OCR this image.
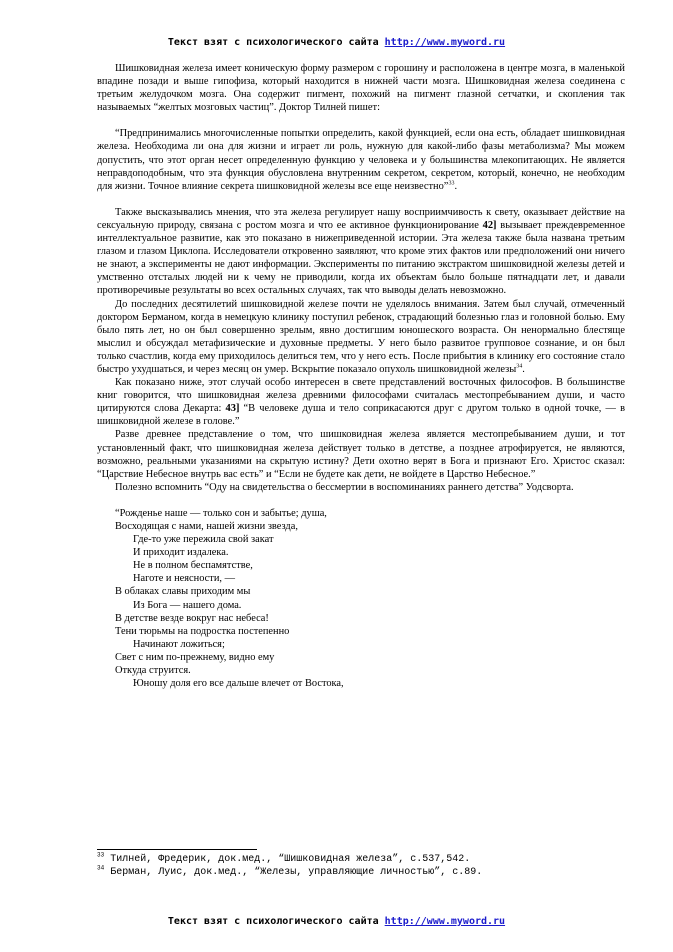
Текст взят с психологического сайта http://www.myword.ru

Шишковидная железа имеет коническую форму размером с горошину и расположена в центре мозга, в маленькой впадине позади и выше гипофиза, который находится в нижней части мозга. Шишковидная железа соединена с третьим желудочком мозга. Она содержит пигмент, похожий на пигмент глазной сетчатки, и скопления так называемых “желтых мозговых частиц”. Доктор Тилней пишет:

“Предпринимались многочисленные попытки определить, какой функцией, если она есть, обладает шишковидная железа. Необходима ли она для жизни и играет ли роль, нужную для какой-либо фазы метаболизма? Мы можем допустить, что этот орган несет определенную функцию у человека и у большинства млекопитающих. Не является неправдоподобным, что эта функция обусловлена внутренним секретом, секретом, который, конечно, не необходим для жизни. Точное влияние секрета шишковидной железы все еще неизвестно”$^{33}$.

Также высказывались мнения, что эта железа регулирует нашу восприимчивость к свету, оказывает действие на сексуальную природу, связана с ростом мозга и что ее активное функционирование 42] вызывает преждевременное интеллектуальное развитие, как это показано в нижеприведенной истории. Эта железа также была названа третьим глазом и глазом Циклопа. Исследователи откровенно заявляют, что кроме этих фактов или предположений они ничего не знают, а эксперименты не дают информации. Эксперименты по питанию экстрактом шишковидной железы детей и умственно отсталых людей ни к чему не приводили, когда их объектам было больше пятнадцати лет, и давали противоречивые результаты во всех остальных случаях, так что выводы делать невозможно.

До последних десятилетий шишковидной железе почти не уделялось внимания. Затем был случай, отмеченный доктором Берманом, когда в немецкую клинику поступил ребенок, страдающий болезнью глаз и головной болью. Ему было пять лет, но он был совершенно зрелым, явно достигшим юношеского возраста. Он ненормально блестяще мыслил и обсуждал метафизические и духовные предметы. У него было развитое групповое сознание, и он был только счастлив, когда ему приходилось делиться тем, что у него есть. После прибытия в клинику его состояние стало быстро ухудшаться, и через месяц он умер. Вскрытие показало опухоль шишковидной железы$^{34}$.

Как показано ниже, этот случай особо интересен в свете представлений восточных философов. В большинстве книг говорится, что шишковидная железа древними философами считалась местопребыванием души, и часто цитируются слова Декарта: 43] “В человеке душа и тело соприкасаются друг с другом только в одной точке, — в шишковидной железе в голове.”

Разве древнее представление о том, что шишковидная железа является местопребыванием души, и тот установленный факт, что шишковидная железа действует только в детстве, а позднее атрофируется, не являются, возможно, реальными указаниями на скрытую истину? Дети охотно верят в Бога и признают Его. Христос сказал: “Царствие Небесное внутрь вас есть” и “Если не будете как дети, не войдете в Царство Небесное.”

Полезно вспомнить “Оду на свидетельства о бессмертии в воспоминаниях раннего детства” Уодсворта.

“Рожденье наше — только сон и забытье; душа,
Восходящая с нами, нашей жизни звезда,
Где-то уже пережила свой закат
И приходит издалека.
Не в полном беспамятстве,
Наготе и неясности, —
В облаках славы приходим мы
Из Бога — нашего дома.
В детстве везде вокруг нас небеса!
Тени тюрьмы на подростка постепенно
Начинают ложиться;
Свет с ним по-прежнему, видно ему
Откуда струится.
Юношу доля его все дальше влечет от Востока,
$^{33}$ Тилней, Фредерик, док.мед., “Шишковидная железа”, с.537,542.
$^{34}$ Берман, Луис, док.мед., “Железы, управляющие личностью”, с.89.
Текст взят с психологического сайта http://www.myword.ru
